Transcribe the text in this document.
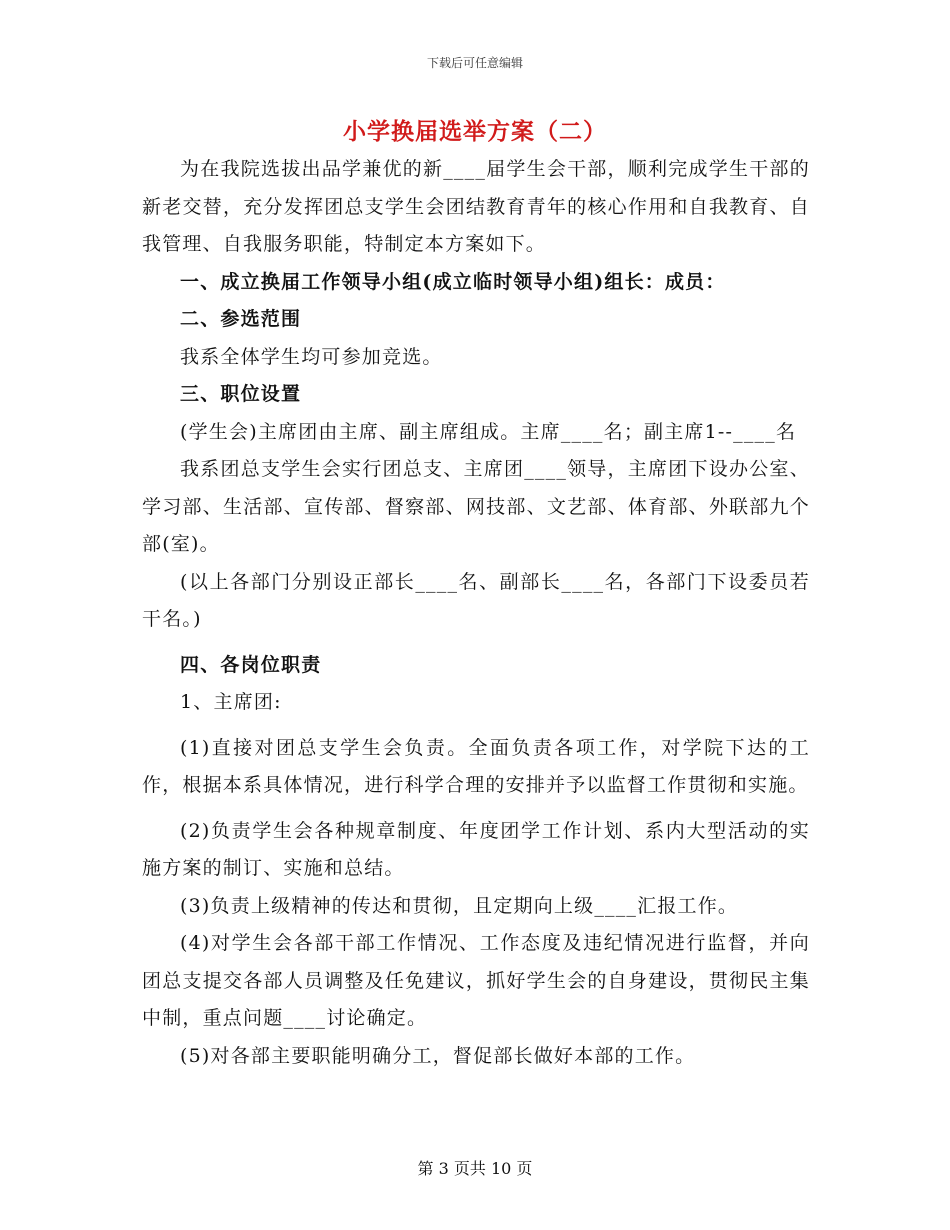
下载后可任意编辑
小学换届选举方案（二）

为在我院选拔出品学兼优的新____届学生会干部，顺利完成学生干部的新老交替，充分发挥团总支学生会团结教育青年的核心作用和自我教育、自我管理、自我服务职能，特制定本方案如下。

一、成立换届工作领导小组(成立临时领导小组)组长：成员：

二、参选范围

我系全体学生均可参加竞选。

三、职位设置

(学生会)主席团由主席、副主席组成。主席____名；副主席1--____名

我系团总支学生会实行团总支、主席团____领导，主席团下设办公室、学习部、生活部、宣传部、督察部、网技部、文艺部、体育部、外联部九个部(室)。

(以上各部门分别设正部长____名、副部长____名，各部门下设委员若干名。)

四、各岗位职责

1、主席团:

(1)直接对团总支学生会负责。全面负责各项工作，对学院下达的工作，根据本系具体情况，进行科学合理的安排并予以监督工作贯彻和实施。

(2)负责学生会各种规章制度、年度团学工作计划、系内大型活动的实施方案的制订、实施和总结。

(3)负责上级精神的传达和贯彻，且定期向上级____汇报工作。

(4)对学生会各部干部工作情况、工作态度及违纪情况进行监督，并向团总支提交各部人员调整及任免建议，抓好学生会的自身建设，贯彻民主集中制，重点问题____讨论确定。

(5)对各部主要职能明确分工，督促部长做好本部的工作。

第 3 页共 10 页
